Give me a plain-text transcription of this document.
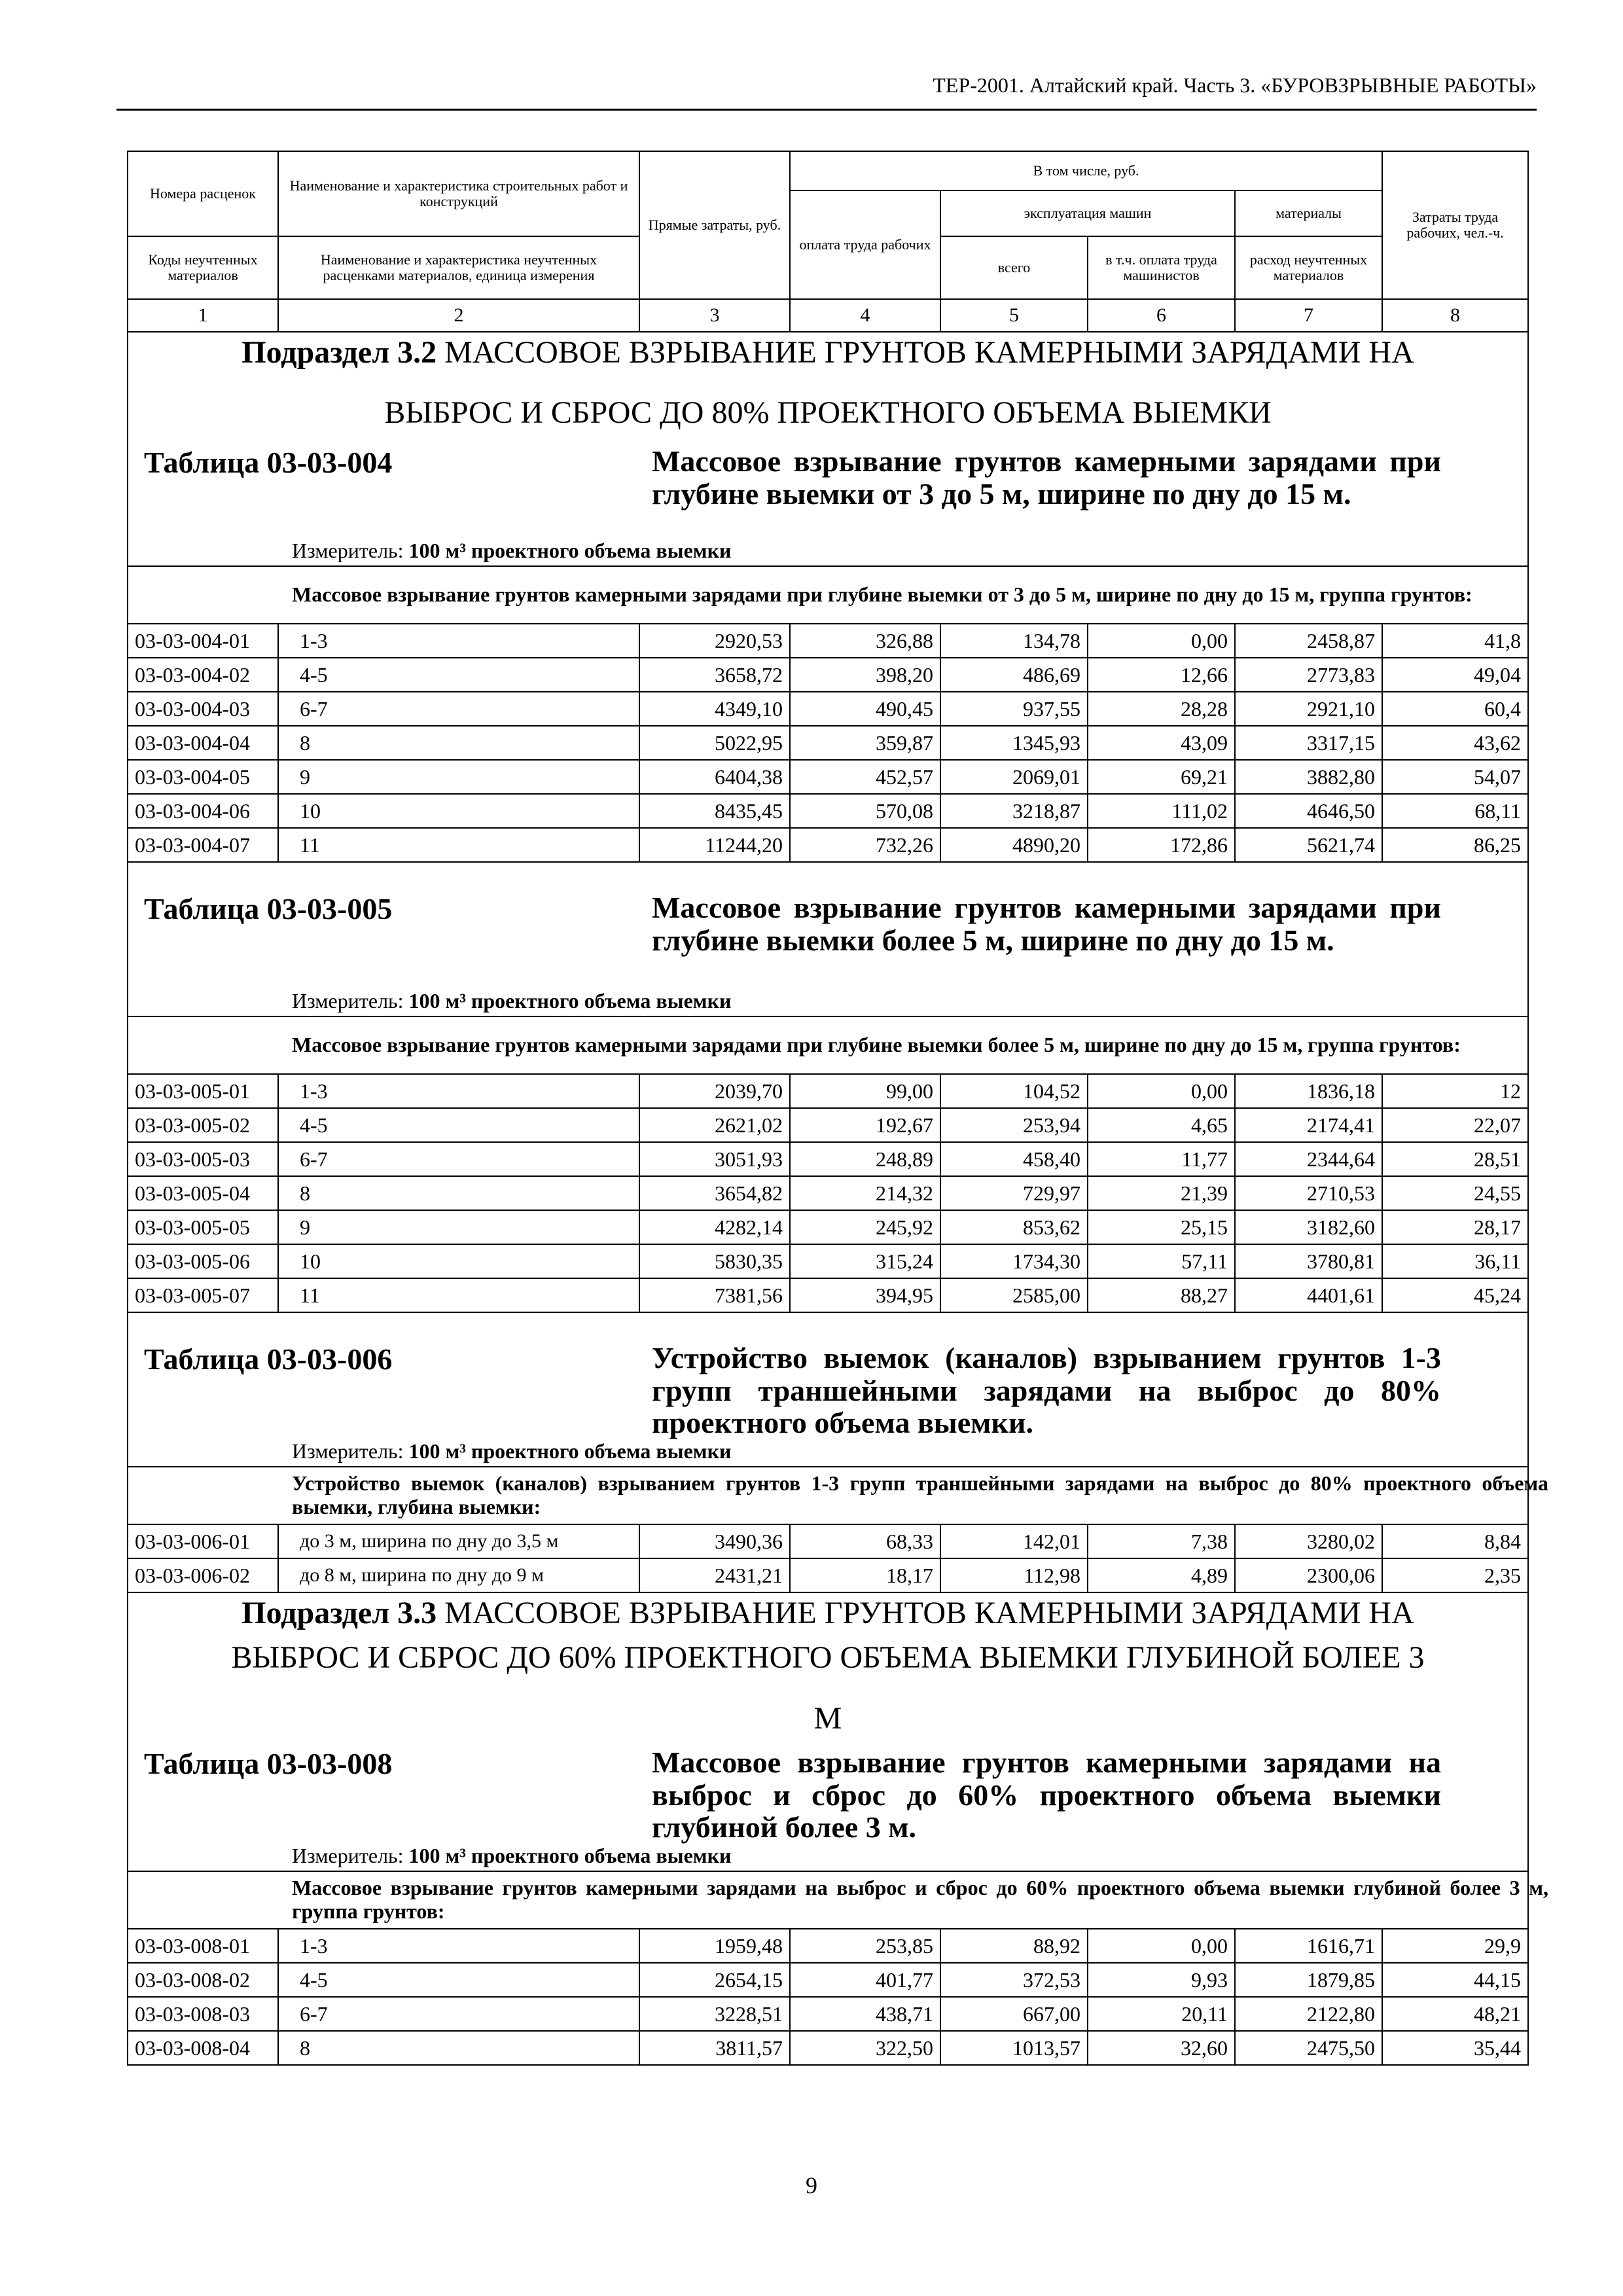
ТЕР-2001. Алтайский край. Часть 3. «БУРОВЗРЫВНЫЕ РАБОТЫ»
Номера расценок	Наименование и характеристика строительных работ и конструкций	Прямые затраты, руб.	В том числе, руб.				Затраты труда рабочих, чел.-ч.
			оплата труда рабочих	эксплуатация машин		материалы	
Коды неучтенных материалов	Наименование и характеристика неучтенных расценками материалов, единица измерения			всего	в т.ч. оплата труда машинистов	расход неучтенных материалов	
1	2	3	4	5	6	7	8

Подраздел 3.2 МАССОВОЕ ВЗРЫВАНИЕ ГРУНТОВ КАМЕРНЫМИ ЗАРЯДАМИ НА
ВЫБРОС И СБРОС ДО 80% ПРОЕКТНОГО ОБЪЕМА ВЫЕМКИ							

Таблица 03-03-004 Массовое взрывание грунтов камерными зарядами при глубине выемки от 3 до 5 м, ширине по дну до 15 м.
Измеритель: 100 м³ проектного объема выемки							

Массовое взрывание грунтов камерными зарядами при глубине выемки от 3 до 5 м, ширине по дну до 15 м, группа грунтов:							

03-03-004-01	1-3	2920,53	326,88	134,78	0,00	2458,87	41,8
03-03-004-02	4-5	3658,72	398,20	486,69	12,66	2773,83	49,04
03-03-004-03	6-7	4349,10	490,45	937,55	28,28	2921,10	60,4
03-03-004-04	8	5022,95	359,87	1345,93	43,09	3317,15	43,62
03-03-004-05	9	6404,38	452,57	2069,01	69,21	3882,80	54,07
03-03-004-06	10	8435,45	570,08	3218,87	111,02	4646,50	68,11
03-03-004-07	11	11244,20	732,26	4890,20	172,86	5621,74	86,25

Таблица 03-03-005 Массовое взрывание грунтов камерными зарядами при глубине выемки более 5 м, ширине по дну до 15 м.
Измеритель: 100 м³ проектного объема выемки							

Массовое взрывание грунтов камерными зарядами при глубине выемки более 5 м, ширине по дну до 15 м, группа грунтов:							

03-03-005-01	1-3	2039,70	99,00	104,52	0,00	1836,18	12
03-03-005-02	4-5	2621,02	192,67	253,94	4,65	2174,41	22,07
03-03-005-03	6-7	3051,93	248,89	458,40	11,77	2344,64	28,51
03-03-005-04	8	3654,82	214,32	729,97	21,39	2710,53	24,55
03-03-005-05	9	4282,14	245,92	853,62	25,15	3182,60	28,17
03-03-005-06	10	5830,35	315,24	1734,30	57,11	3780,81	36,11
03-03-005-07	11	7381,56	394,95	2585,00	88,27	4401,61	45,24

Таблица 03-03-006 Устройство выемок (каналов) взрыванием грунтов 1-3 групп траншейными зарядами на выброс до 80% проектного объема выемки.
Измеритель: 100 м³ проектного объема выемки							

Устройство выемок (каналов) взрыванием грунтов 1-3 групп траншейными зарядами на выброс до 80% проектного объема выемки, глубина выемки:							

03-03-006-01	до 3 м, ширина по дну до 3,5 м	3490,36	68,33	142,01	7,38	3280,02	8,84
03-03-006-02	до 8 м, ширина по дну до 9 м	2431,21	18,17	112,98	4,89	2300,06	2,35

Подраздел 3.3 МАССОВОЕ ВЗРЫВАНИЕ ГРУНТОВ КАМЕРНЫМИ ЗАРЯДАМИ НА
ВЫБРОС И СБРОС ДО 60% ПРОЕКТНОГО ОБЪЕМА ВЫЕМКИ ГЛУБИНОЙ БОЛЕЕ 3
М							

Таблица 03-03-008 Массовое взрывание грунтов камерными зарядами на выброс и сброс до 60% проектного объема выемки глубиной более 3 м.
Измеритель: 100 м³ проектного объема выемки							

Массовое взрывание грунтов камерными зарядами на выброс и сброс до 60% проектного объема выемки глубиной более 3 м, группа грунтов:							

03-03-008-01	1-3	1959,48	253,85	88,92	0,00	1616,71	29,9
03-03-008-02	4-5	2654,15	401,77	372,53	9,93	1879,85	44,15
03-03-008-03	6-7	3228,51	438,71	667,00	20,11	2122,80	48,21
03-03-008-04	8	3811,57	322,50	1013,57	32,60	2475,50	35,44
9
